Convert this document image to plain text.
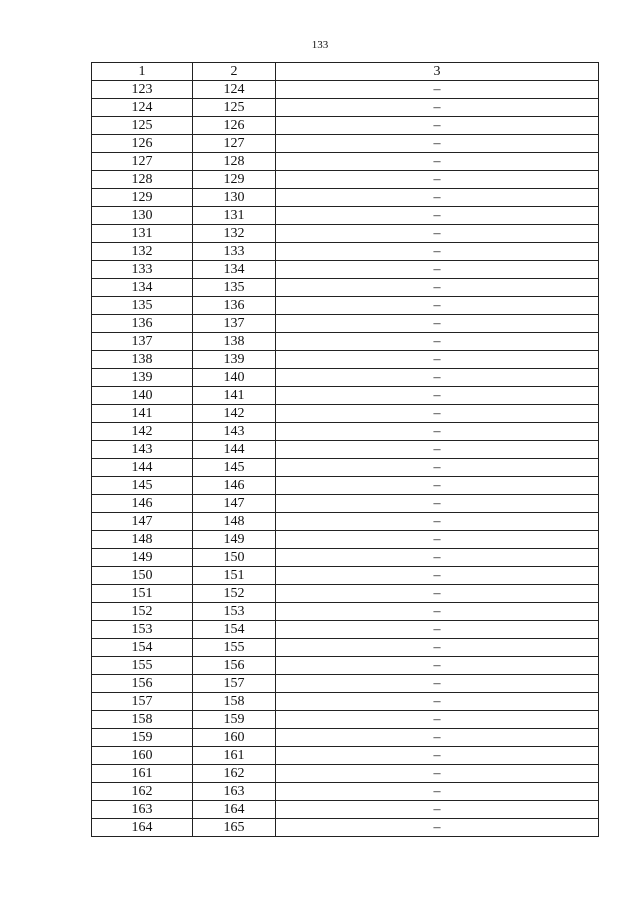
133
1	2	3
123	124	–
124	125	–
125	126	–
126	127	–
127	128	–
128	129	–
129	130	–
130	131	–
131	132	–
132	133	–
133	134	–
134	135	–
135	136	–
136	137	–
137	138	–
138	139	–
139	140	–
140	141	–
141	142	–
142	143	–
143	144	–
144	145	–
145	146	–
146	147	–
147	148	–
148	149	–
149	150	–
150	151	–
151	152	–
152	153	–
153	154	–
154	155	–
155	156	–
156	157	–
157	158	–
158	159	–
159	160	–
160	161	–
161	162	–
162	163	–
163	164	–
164	165	–
